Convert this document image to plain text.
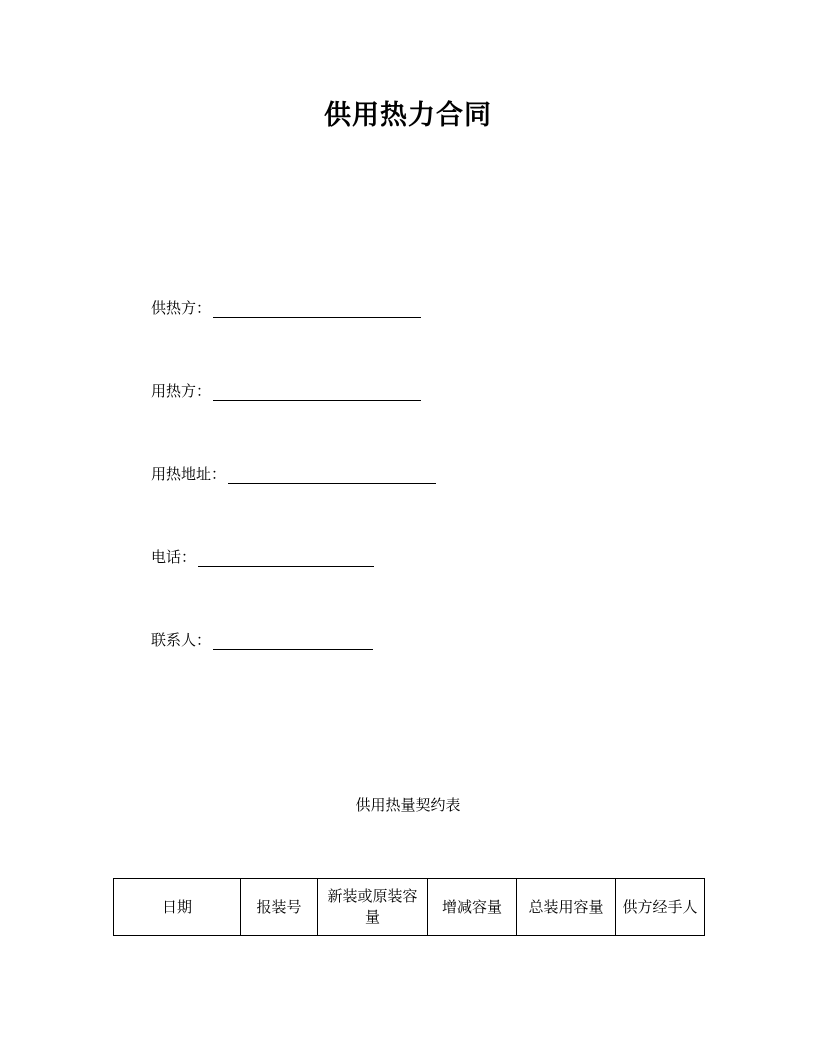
供用热力合同
供热方：
用热方：
用热地址：
电话：
联系人：
供用热量契约表
日期	报装号	新装或原装容量	增减容量	总装用容量	供方经手人
